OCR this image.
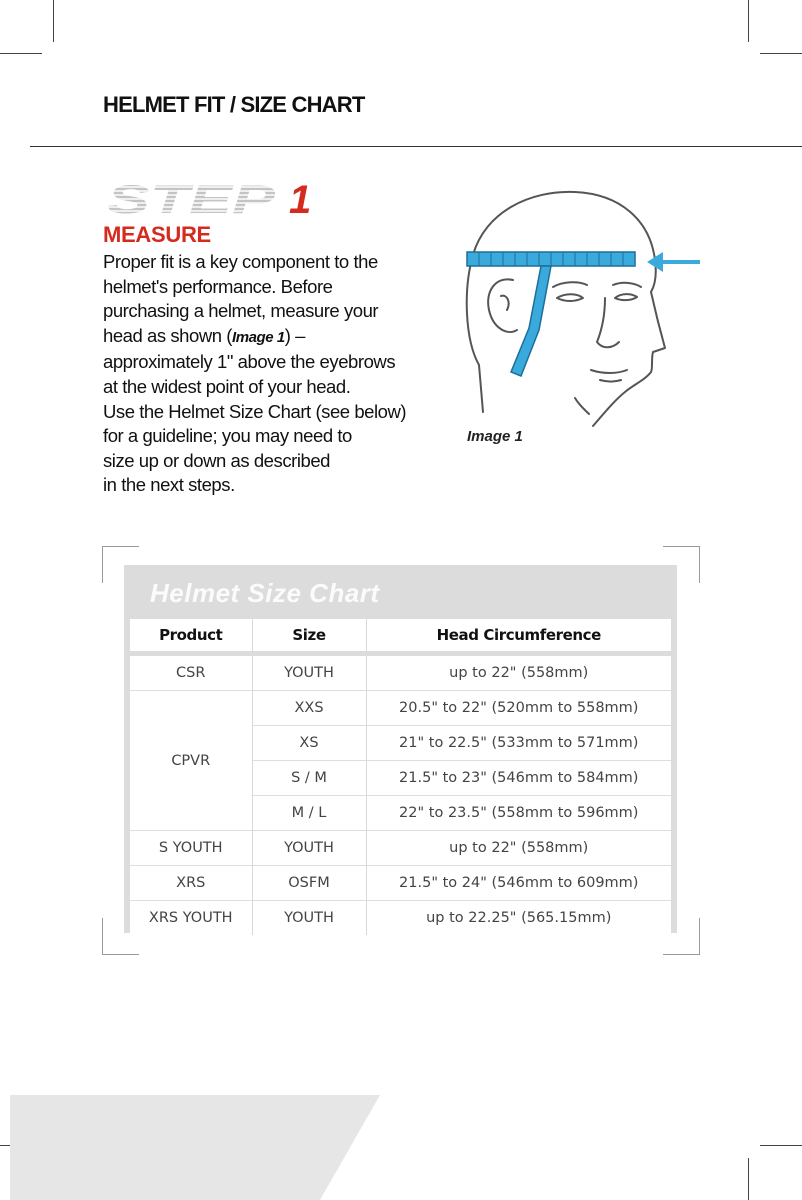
HELMET FIT / SIZE CHART
STEP 1
MEASURE

Proper fit is a key component to the

helmet's performance. Before

purchasing a helmet, measure your

head as shown (Image 1) –

approximately 1" above the eyebrows

at the widest point of your head.

Use the Helmet Size Chart (see below)

for a guideline; you may need to

size up or down as described

in the next steps.

Image 1
Helmet Size Chart
Product	Size	Head Circumference

CSR	YOUTH	up to 22" (558mm)
CPVR	XXS	20.5" to 22" (520mm to 558mm)
	XS	21" to 22.5" (533mm to 571mm)
	S / M	21.5" to 23" (546mm to 584mm)
	M / L	22" to 23.5" (558mm to 596mm)
S YOUTH	YOUTH	up to 22" (558mm)
XRS	OSFM	21.5" to 24" (546mm to 609mm)
XRS YOUTH	YOUTH	up to 22.25" (565.15mm)
